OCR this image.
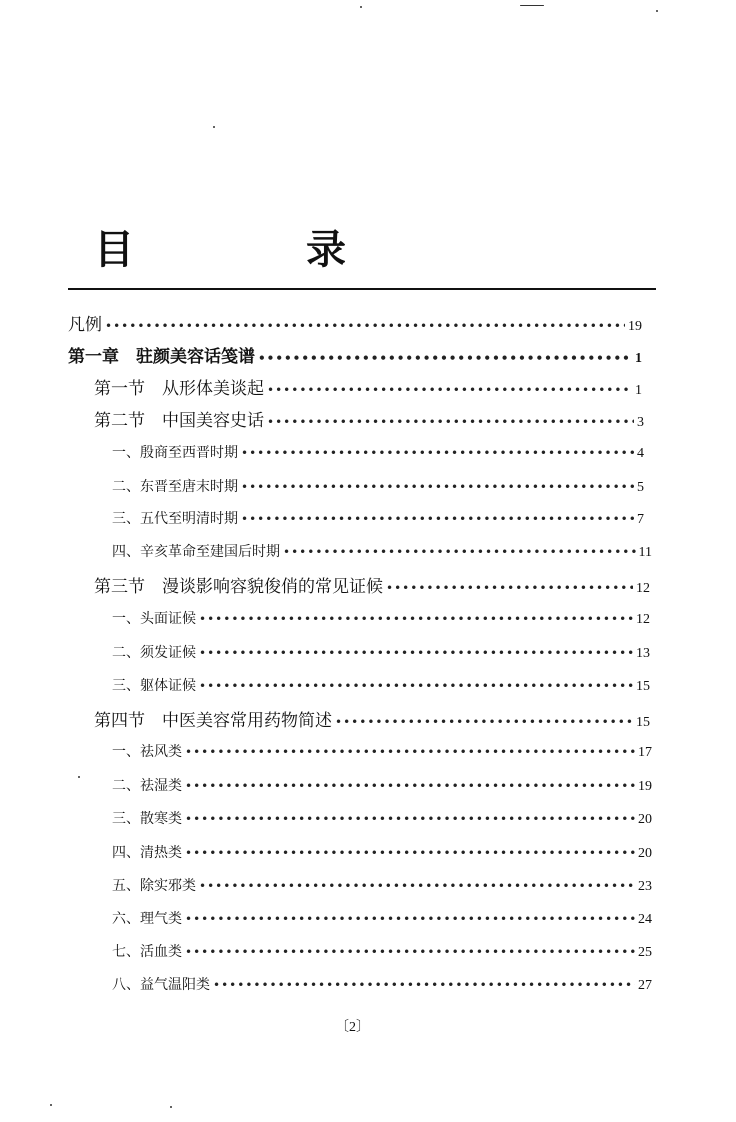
目　录
凡例 •••••	19
第一章　驻颜美容话笺谱 •••••	1
第一节　从形体美谈起 •••••	1
第二节　中国美容史话 •••••	3
一、殷商至西晋时期 •••••	4
二、东晋至唐末时期 •••••	5
三、五代至明清时期 •••••	7
四、辛亥革命至建国后时期 •••••	11
第三节　漫谈影响容貌俊俏的常见证候 •••••	12
一、头面证候 •••••	12
二、须发证候 •••••	13
三、躯体证候 •••••	15
第四节　中医美容常用药物简述 •••••	15
一、祛风类 •••••	17
二、祛湿类 •••••	19
三、散寒类 •••••	20
四、清热类 •••••	20
五、除实邪类 •••••	23
六、理气类 •••••	24
七、活血类 •••••	25
八、益气温阳类 •••••	27
〔2〕
